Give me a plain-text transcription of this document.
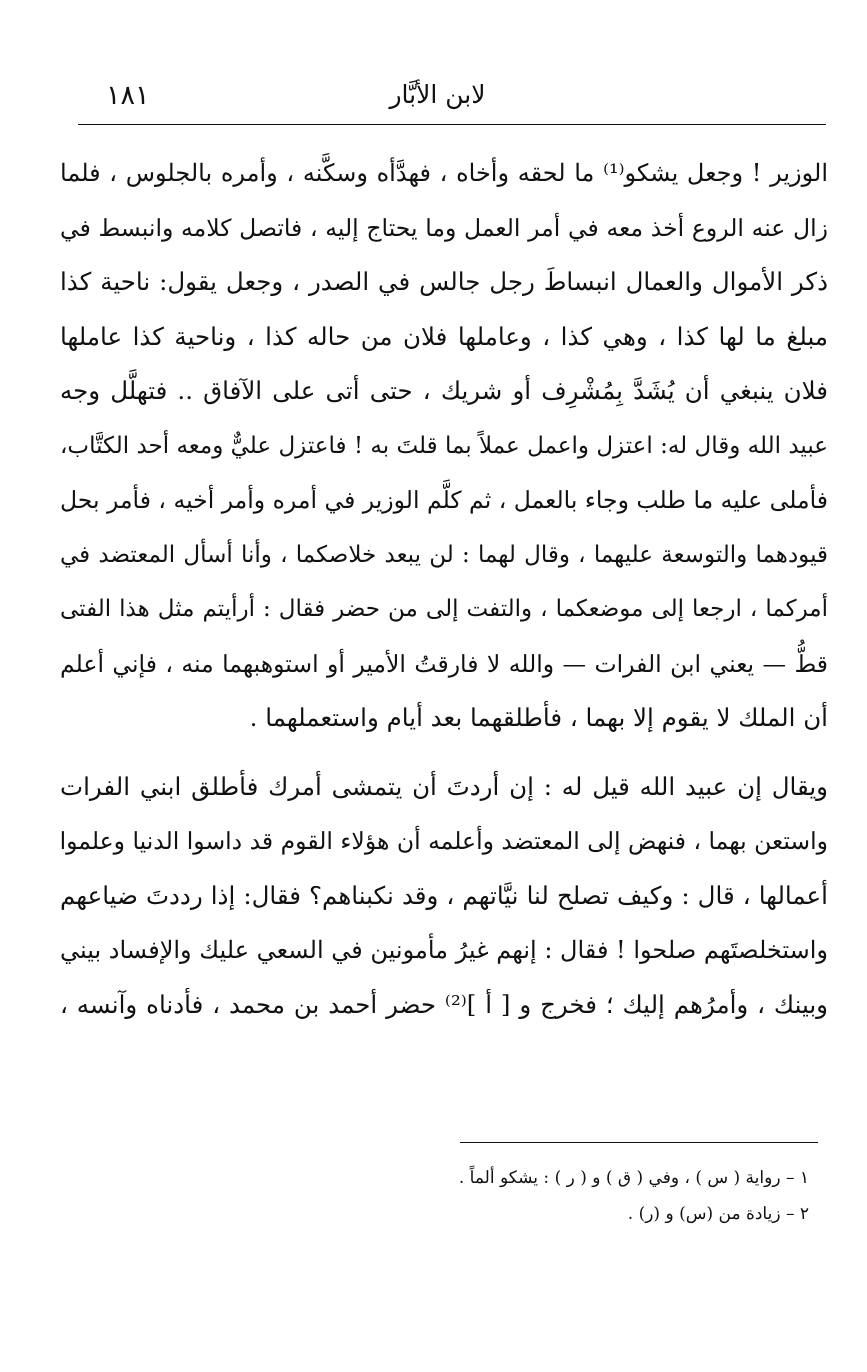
١٨١	لابن الأبَّار
الوزير ! وجعل يشكو⁽¹⁾ ما لحقه وأخاه ، فهدَّأه وسكَّنه ، وأمره بالجلوس ، فلما
زال عنه الروع أخذ معه في أمر العمل وما يحتاج إليه ، فاتصل كلامه وانبسط في
ذكر الأموال والعمال انبساطَ رجل جالس في الصدر ، وجعل يقول: ناحية كذا
مبلغ ما لها كذا ، وهي كذا ، وعاملها فلان من حاله كذا ، وناحية كذا عاملها
فلان ينبغي أن يُشَدَّ بِمُشْرِف أو شريك ، حتى أتى على الآفاق .. فتهلَّل وجه
عبيد الله وقال له: اعتزل واعمل عملاً بما قلتَ به ! فاعتزل عليٌّ ومعه أحد الكتَّاب،
فأملى عليه ما طلب وجاء بالعمل ، ثم كلَّم الوزير في أمره وأمر أخيه ، فأمر بحل
قيودهما والتوسعة عليهما ، وقال لهما : لن يبعد خلاصكما ، وأنا أسأل المعتضد في
أمركما ، ارجعا إلى موضعكما ، والتفت إلى من حضر فقال : أرأيتم مثل هذا الفتى
قطُّ — يعني ابن الفرات — والله لا فارقتُ الأمير أو استوهبهما منه ، فإني أعلم
أن الملك لا يقوم إلا بهما ، فأطلقهما بعد أيام واستعملهما .
ويقال إن عبيد الله قيل له : إن أردتَ أن يتمشى أمرك فأطلق ابني الفرات
واستعن بهما ، فنهض إلى المعتضد وأعلمه أن هؤلاء القوم قد داسوا الدنيا وعلموا
أعمالها ، قال : وكيف تصلح لنا نيَّاتهم ، وقد نكبناهم؟ فقال: إذا رددتَ ضياعهم
واستخلصتَهم صلحوا ! فقال : إنهم غيرُ مأمونين في السعي عليك والإفساد بيني
وبينك ، وأمرُهم إليك ؛ فخرج و [ أ ]⁽²⁾ حضر أحمد بن محمد ، فأدناه وآنسه ،
١ – رواية ( س ) ، وفي ( ق ) و ( ر ) : يشكو ألماً .
٢ – زيادة من (س) و (ر) .
